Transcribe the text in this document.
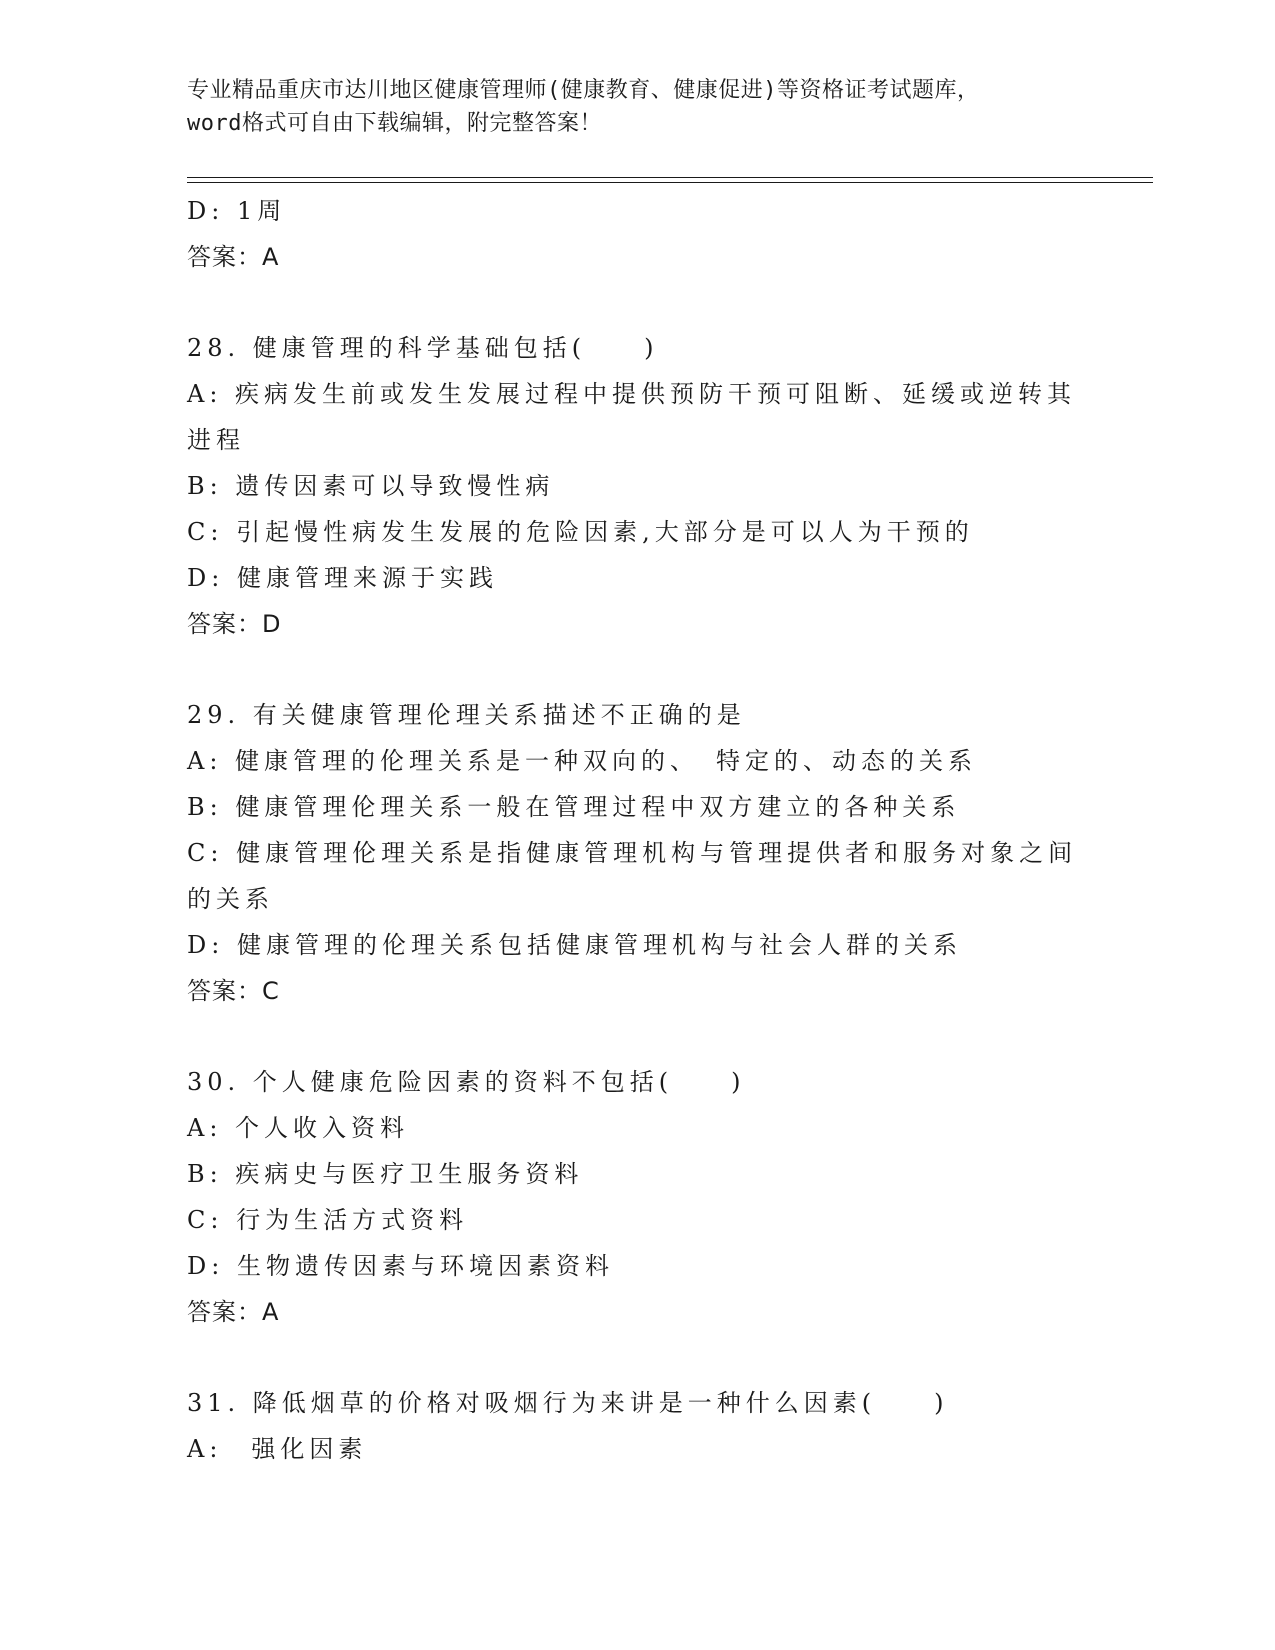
专业精品重庆市达川地区健康管理师(健康教育、健康促进)等资格证考试题库，
word格式可自由下载编辑，附完整答案！
D: 1周
答案：A
28. 健康管理的科学基础包括(　　)
A: 疾病发生前或发生发展过程中提供预防干预可阻断、延缓或逆转其
进程
B: 遗传因素可以导致慢性病
C: 引起慢性病发生发展的危险因素,大部分是可以人为干预的
D: 健康管理来源于实践
答案：D
29. 有关健康管理伦理关系描述不正确的是
A: 健康管理的伦理关系是一种双向的、　特定的、动态的关系
B: 健康管理伦理关系一般在管理过程中双方建立的各种关系
C: 健康管理伦理关系是指健康管理机构与管理提供者和服务对象之间
的关系
D: 健康管理的伦理关系包括健康管理机构与社会人群的关系
答案：C
30. 个人健康危险因素的资料不包括(　　)
A: 个人收入资料
B: 疾病史与医疗卫生服务资料
C: 行为生活方式资料
D: 生物遗传因素与环境因素资料
答案：A
31. 降低烟草的价格对吸烟行为来讲是一种什么因素(　　)
A:　强化因素
